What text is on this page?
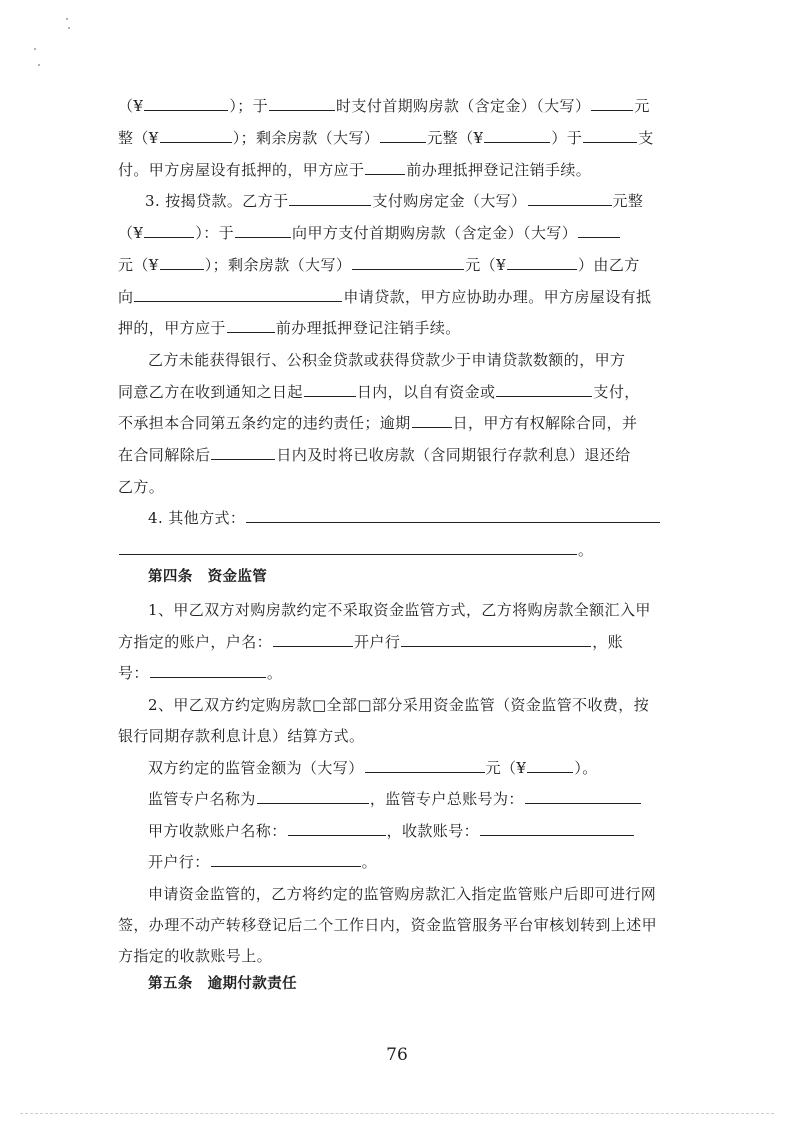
（¥	）；于	时支付首期购房款（含定金）（大写）	元
整（¥	）；剩余房款（大写）	元整（¥	）于	支
付。甲方房屋设有抵押的，甲方应于	前办理抵押登记注销手续。
3. 按揭贷款。乙方于	支付购房定金（大写）	元整
（¥	）：于	向甲方支付首期购房款（含定金）（大写）
元（¥	）；剩余房款（大写）	元（¥	）由乙方
向	申请贷款，甲方应协助办理。甲方房屋设有抵
押的，甲方应于	前办理抵押登记注销手续。
乙方未能获得银行、公积金贷款或获得贷款少于申请贷款数额的，甲方
同意乙方在收到通知之日起	日内，以自有资金或	支付，
不承担本合同第五条约定的违约责任；逾期	日，甲方有权解除合同，并
在合同解除后	日内及时将已收房款（含同期银行存款利息）退还给
乙方。
4. 其他方式：
。
第四条　资金监管
1、甲乙双方对购房款约定不采取资金监管方式，乙方将购房款全额汇入甲
方指定的账户，户名：	开户行	，账
号：	。
2、甲乙双方约定购房款□全部□部分采用资金监管（资金监管不收费，按
银行同期存款利息计息）结算方式。
双方约定的监管金额为（大写）	元（¥	）。
监管专户名称为	，监管专户总账号为：
甲方收款账户名称：	，收款账号：
开户行：	。
申请资金监管的，乙方将约定的监管购房款汇入指定监管账户后即可进行网
签，办理不动产转移登记后二个工作日内，资金监管服务平台审核划转到上述甲
方指定的收款账号上。
第五条　逾期付款责任
76
